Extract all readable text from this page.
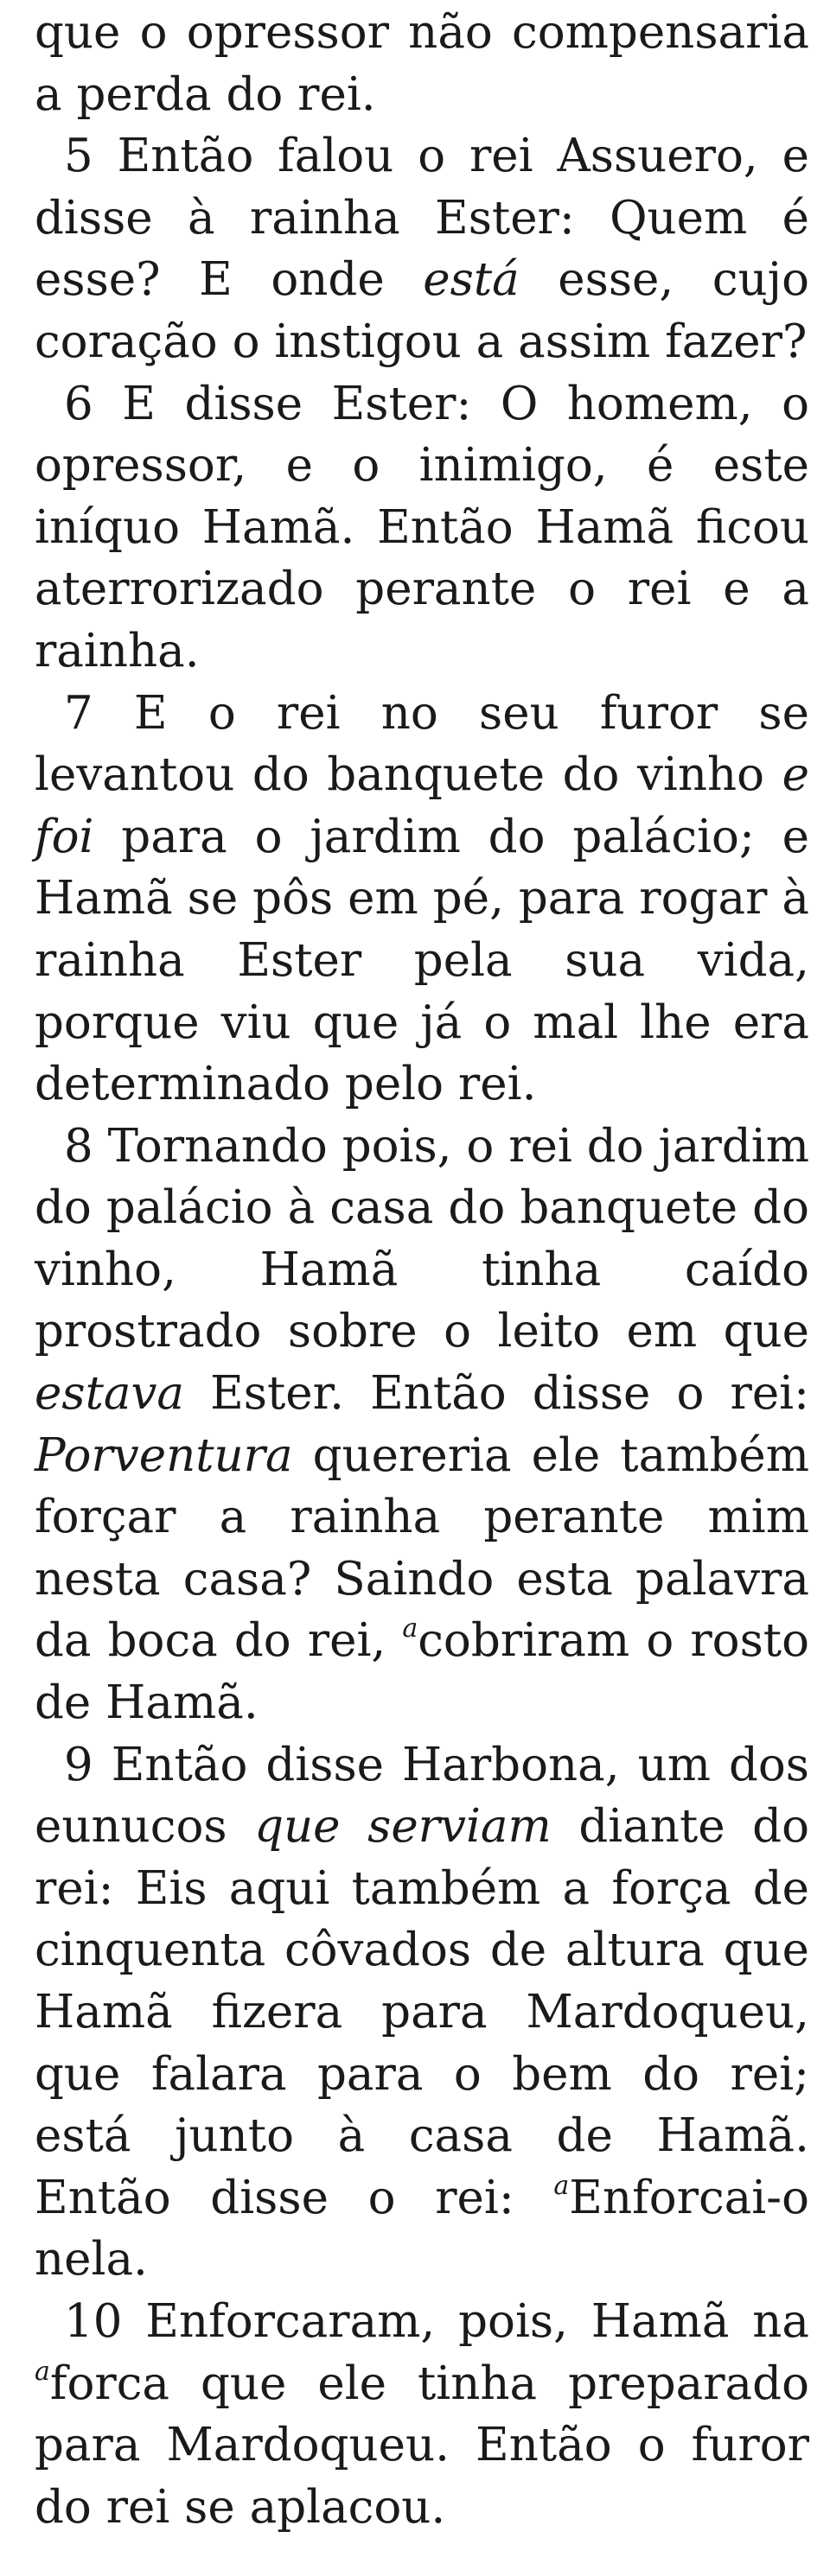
que o opressor não compensaria a perda do rei.

5 Então falou o rei Assuero, e disse à rainha Ester: Quem é esse? E onde está esse, cujo coração o instigou a assim fazer?

6 E disse Ester: O homem, o opressor, e o inimigo, é este iníquo Hamã. Então Hamã ficou aterrorizado perante o rei e a rainha.

7 E o rei no seu furor se levantou do banquete do vinho e foi para o jardim do palácio; e Hamã se pôs em pé, para rogar à rainha Ester pela sua vida, porque viu que já o mal lhe era determinado pelo rei.

8 Tornando pois, o rei do jardim do palácio à casa do banquete do vinho, Hamã tinha caído prostrado sobre o leito em que estava Ester. Então disse o rei: Porventura quereria ele também forçar a rainha perante mim nesta casa? Saindo esta palavra da boca do rei, $^a$cobriram o rosto de Hamã.

9 Então disse Harbona, um dos eunucos que serviam diante do rei: Eis aqui também a força de cinquenta côvados de altura que Hamã fizera para Mardoqueu, que falara para o bem do rei; está junto à casa de Hamã. Então disse o rei: $^a$Enforcai-o nela.

10 Enforcaram, pois, Hamã na $^a$forca que ele tinha preparado para Mardoqueu. Então o furor do rei se aplacou.
